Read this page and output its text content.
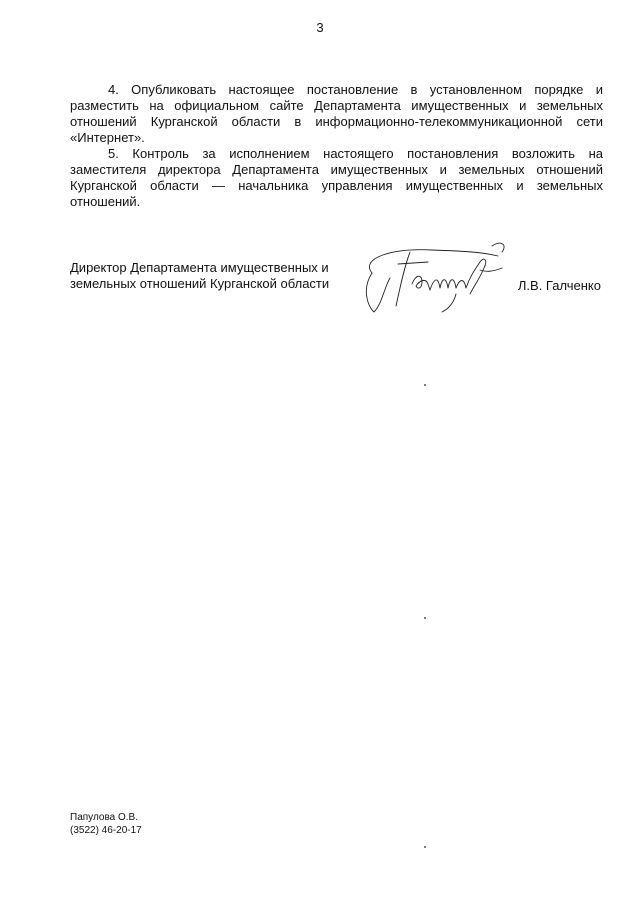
3

4. Опубликовать настоящее постановление в установленном порядке и разместить на официальном сайте Департамента имущественных и земельных отношений Курганской области в информационно-телекоммуникационной сети «Интернет».

5. Контроль за исполнением настоящего постановления возложить на заместителя директора Департамента имущественных и земельных отношений Курганской области — начальника управления имущественных и земельных отношений.

Директор Департамента имущественных и
земельных отношений Курганской области	Л.В. Галченко
Папулова О.В.
(3522) 46-20-17
